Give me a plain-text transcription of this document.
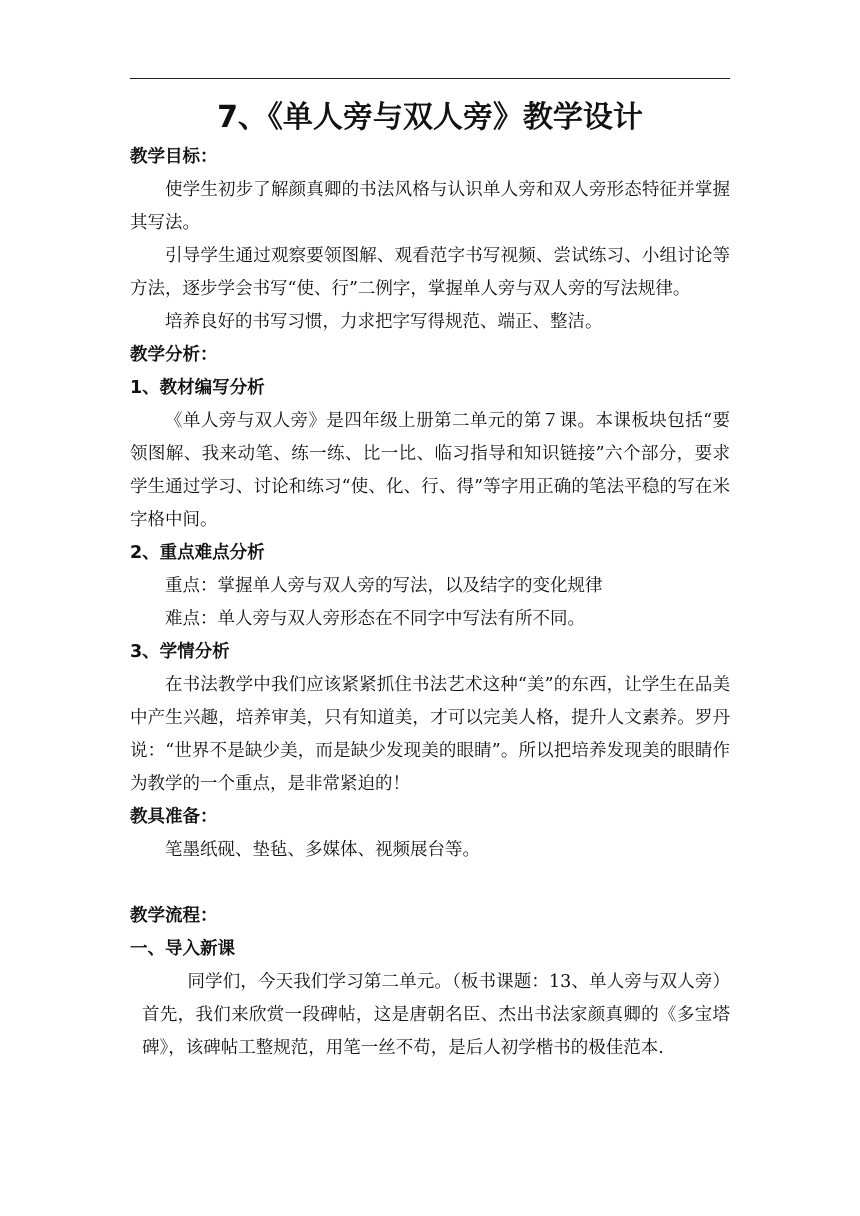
7、《单人旁与双人旁》教学设计
教学目标：
使学生初步了解颜真卿的书法风格与认识单人旁和双人旁形态特征并掌握其写法。
引导学生通过观察要领图解、观看范字书写视频、尝试练习、小组讨论等方法，逐步学会书写“使、行”二例字，掌握单人旁与双人旁的写法规律。
培养良好的书写习惯，力求把字写得规范、端正、整洁。
教学分析：
1、教材编写分析
《单人旁与双人旁》是四年级上册第二单元的第７课。本课板块包括“要领图解、我来动笔、练一练、比一比、临习指导和知识链接”六个部分，要求学生通过学习、讨论和练习“使、化、行、得”等字用正确的笔法平稳的写在米字格中间。
2、重点难点分析
重点：掌握单人旁与双人旁的写法，以及结字的变化规律
难点：单人旁与双人旁形态在不同字中写法有所不同。
3、学情分析
在书法教学中我们应该紧紧抓住书法艺术这种“美”的东西，让学生在品美中产生兴趣，培养审美，只有知道美，才可以完美人格，提升人文素养。罗丹说：“世界不是缺少美，而是缺少发现美的眼睛”。所以把培养发现美的眼睛作为教学的一个重点，是非常紧迫的！
教具准备：
笔墨纸砚、垫毡、多媒体、视频展台等。
教学流程：
一、导入新课
同学们，今天我们学习第二单元。（板书课题：13、单人旁与双人旁）首先，我们来欣赏一段碑帖，这是唐朝名臣、杰出书法家颜真卿的《多宝塔碑》，该碑帖工整规范，用笔一丝不苟，是后人初学楷书的极佳范本.
